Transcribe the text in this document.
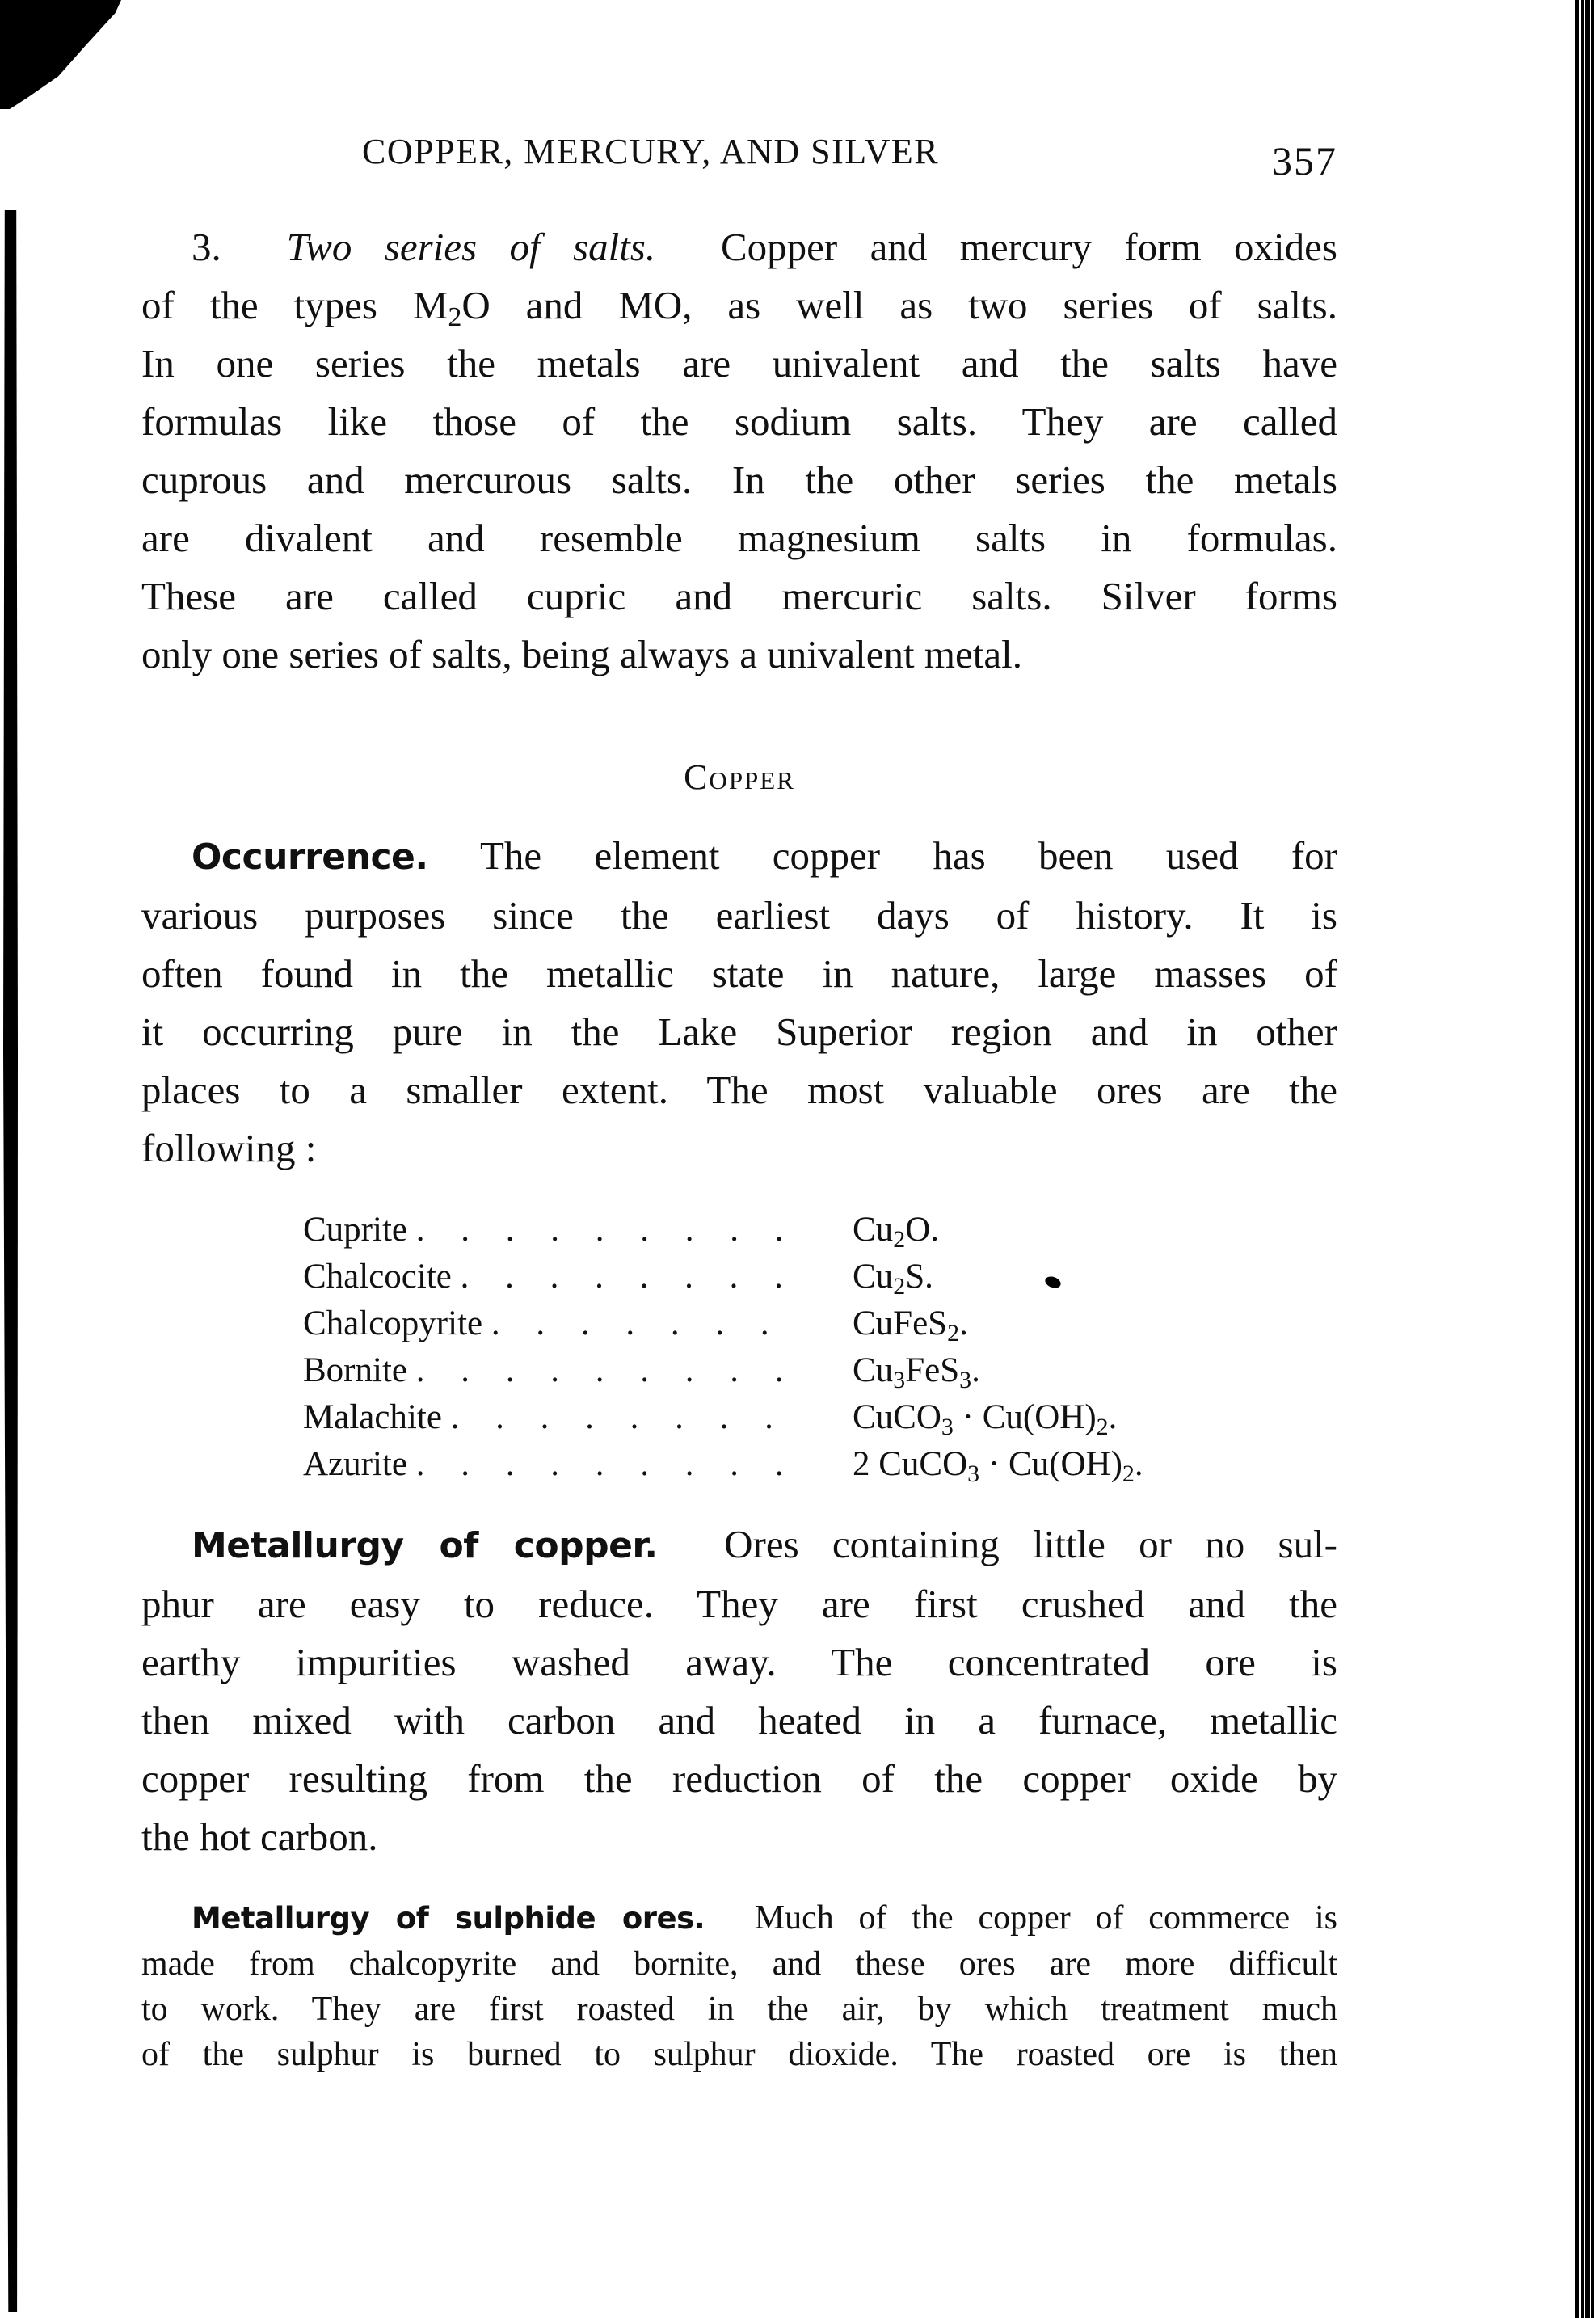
COPPER, MERCURY, AND SILVER	357

3. Two series of salts. Copper and mercury form oxides
of the types $M_2O$ and MO, as well as two series of salts.
In one series the metals are univalent and the salts have
formulas like those of the sodium salts. They are called
cuprous and mercurous salts. In the other series the metals
are divalent and resemble magnesium salts in formulas.
These are called cupric and mercuric salts. Silver forms
only one series of salts, being always a univalent metal.

Copper

Occurrence. The element copper has been used for
various purposes since the earliest days of history. It is
often found in the metallic state in nature, large masses of
it occurring pure in the Lake Superior region and in other
places to a smaller extent. The most valuable ores are the
following :

Cuprite . . . . . . . . .	$Cu_2O$.
Chalcocite . . . . . . . .	$Cu_2S$.
Chalcopyrite . . . . . . .	CuFeS$_2$.
Bornite . . . . . . . . .	$Cu_3FeS_3$.
Malachite . . . . . . . .	CuCO$_3$ · $Cu(OH)_2$.
Azurite . . . . . . . . .	2 CuCO$_3$ · $Cu(OH)_2$.

Metallurgy of copper. Ores containing little or no sul-
phur are easy to reduce. They are first crushed and the
earthy impurities washed away. The concentrated ore is
then mixed with carbon and heated in a furnace, metallic
copper resulting from the reduction of the copper oxide by
the hot carbon.

Metallurgy of sulphide ores. Much of the copper of commerce is
made from chalcopyrite and bornite, and these ores are more difficult
to work. They are first roasted in the air, by which treatment much
of the sulphur is burned to sulphur dioxide. The roasted ore is then
